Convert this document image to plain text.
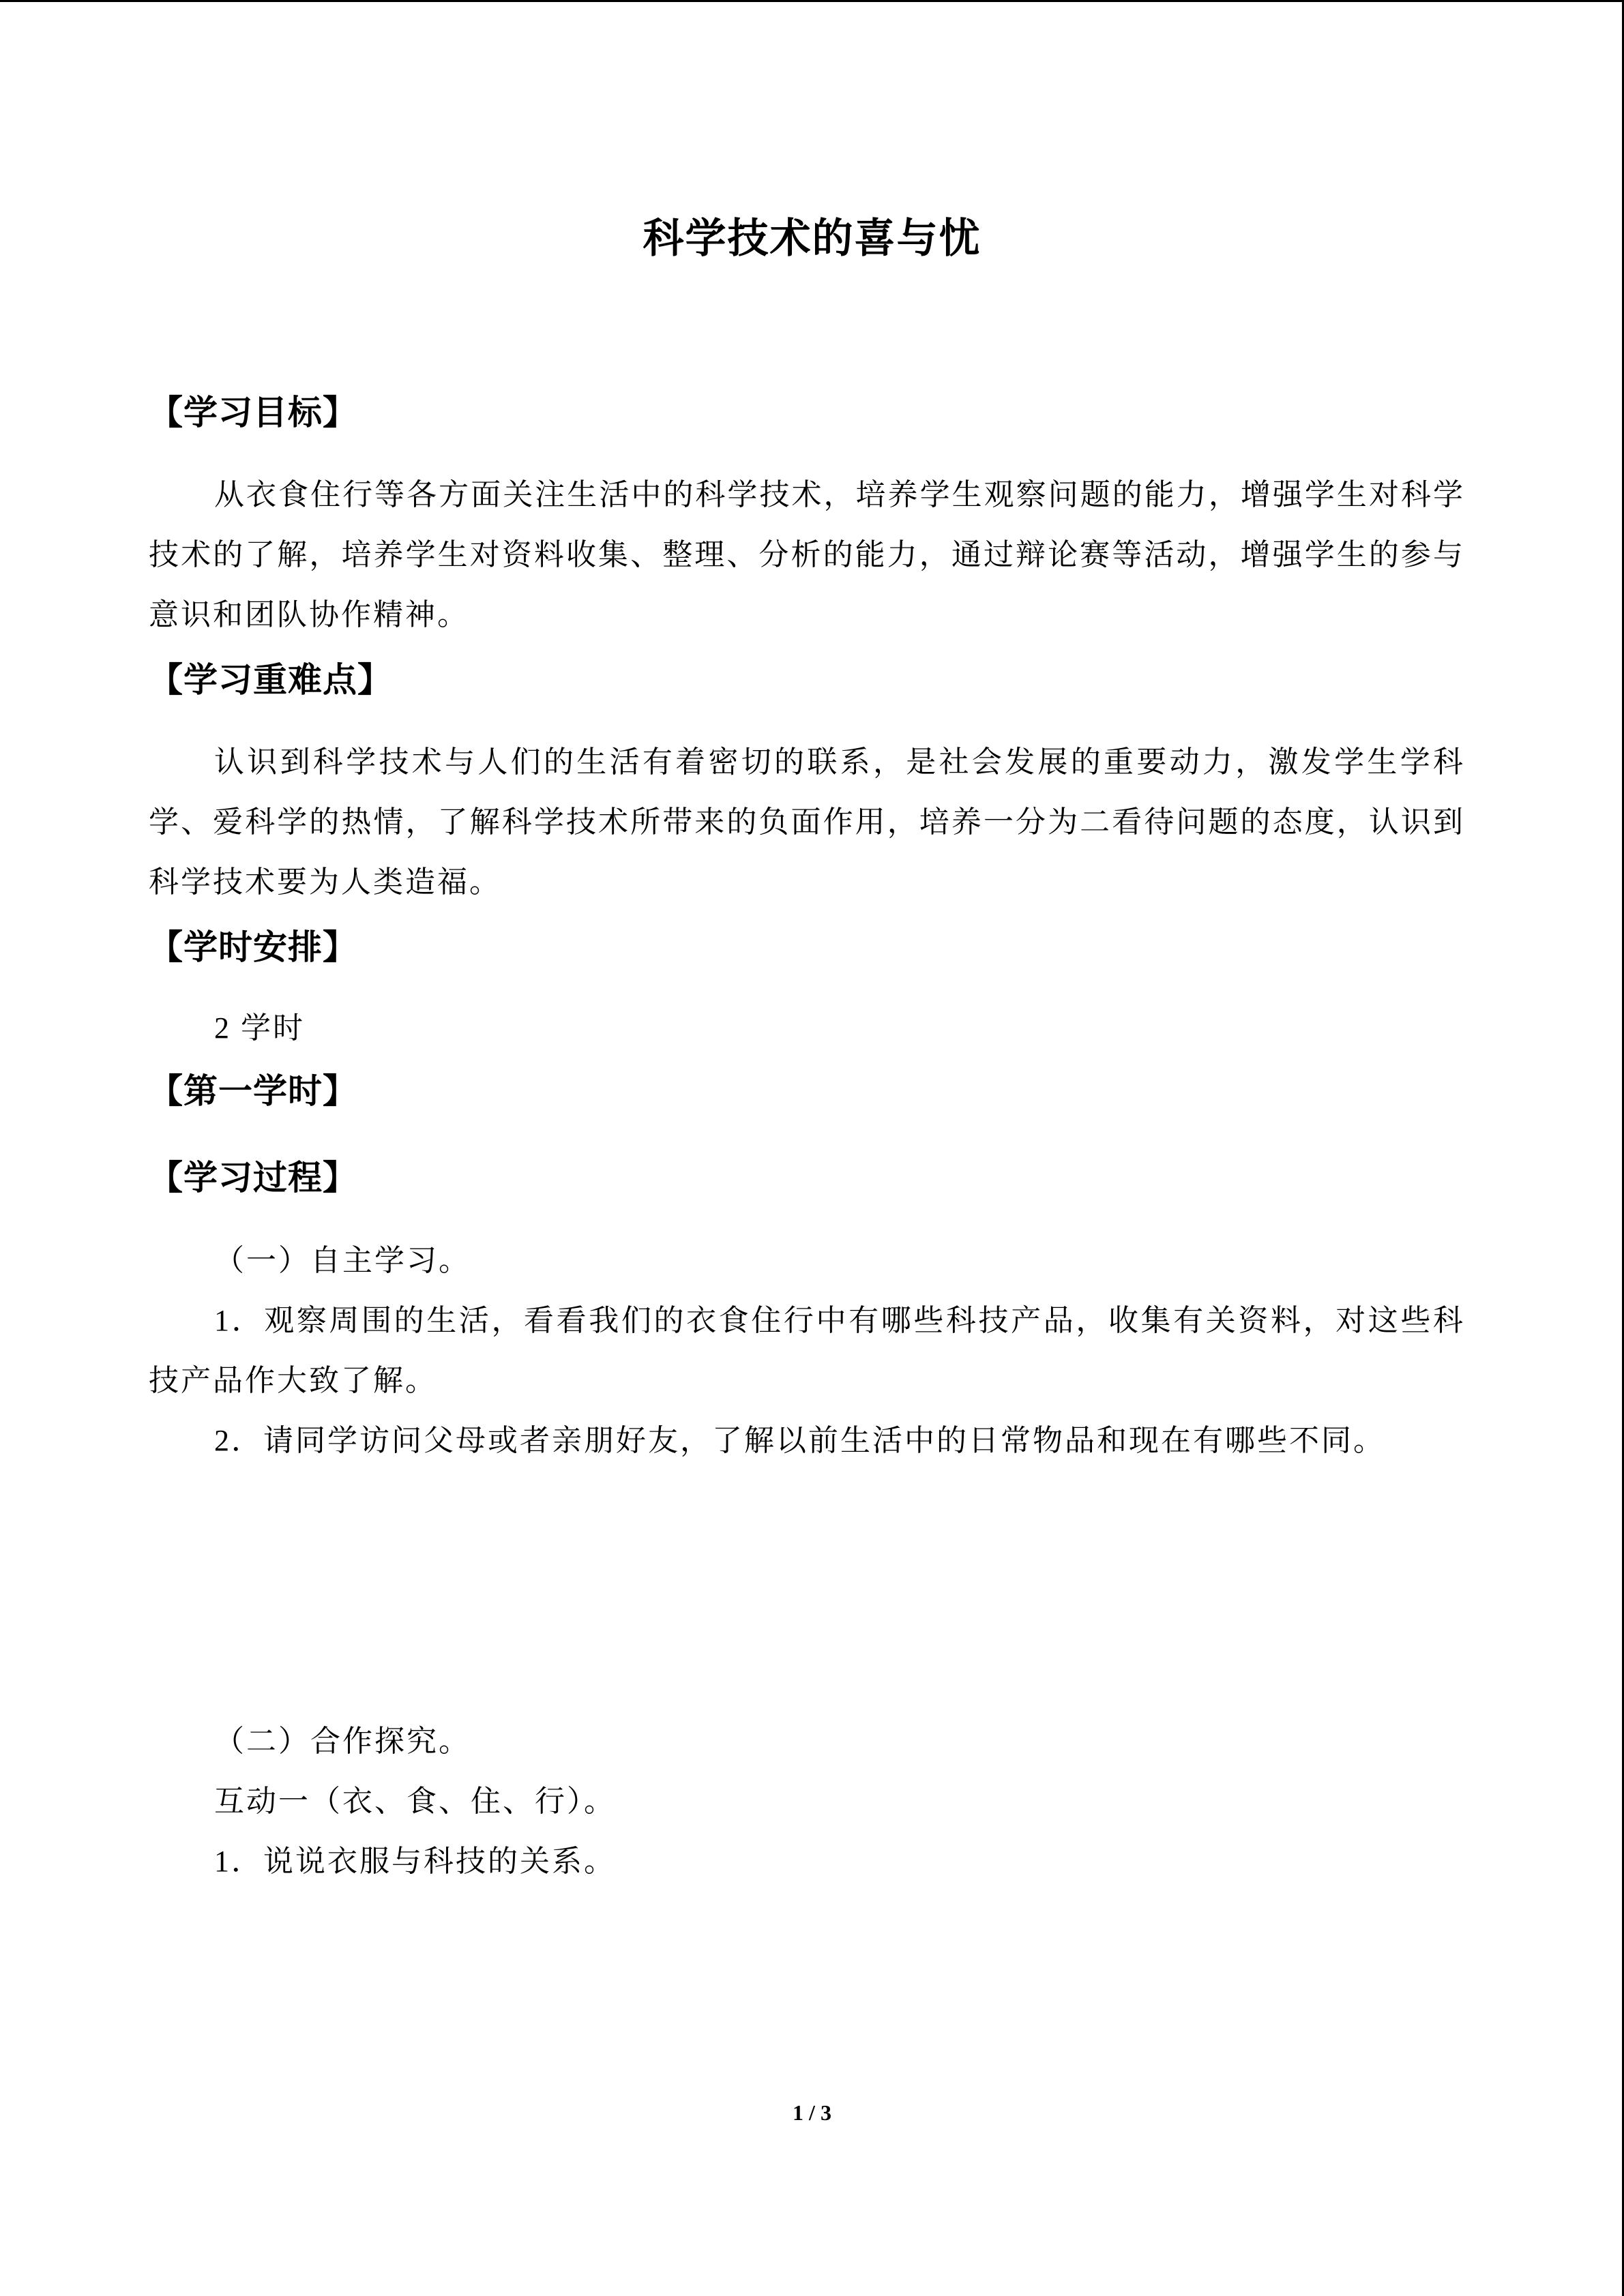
科学技术的喜与忧
【学习目标】
从衣食住行等各方面关注生活中的科学技术，培养学生观察问题的能力，增强学生对科学技术的了解，培养学生对资料收集、整理、分析的能力，通过辩论赛等活动，增强学生的参与意识和团队协作精神。
【学习重难点】
认识到科学技术与人们的生活有着密切的联系，是社会发展的重要动力，激发学生学科学、爱科学的热情，了解科学技术所带来的负面作用，培养一分为二看待问题的态度，认识到科学技术要为人类造福。
【学时安排】
2 学时
【第一学时】
【学习过程】
（一）自主学习。
1．观察周围的生活，看看我们的衣食住行中有哪些科技产品，收集有关资料，对这些科技产品作大致了解。
2．请同学访问父母或者亲朋好友，了解以前生活中的日常物品和现在有哪些不同。
（二）合作探究。
互动一（衣、食、住、行）。
1．说说衣服与科技的关系。
1 / 3
